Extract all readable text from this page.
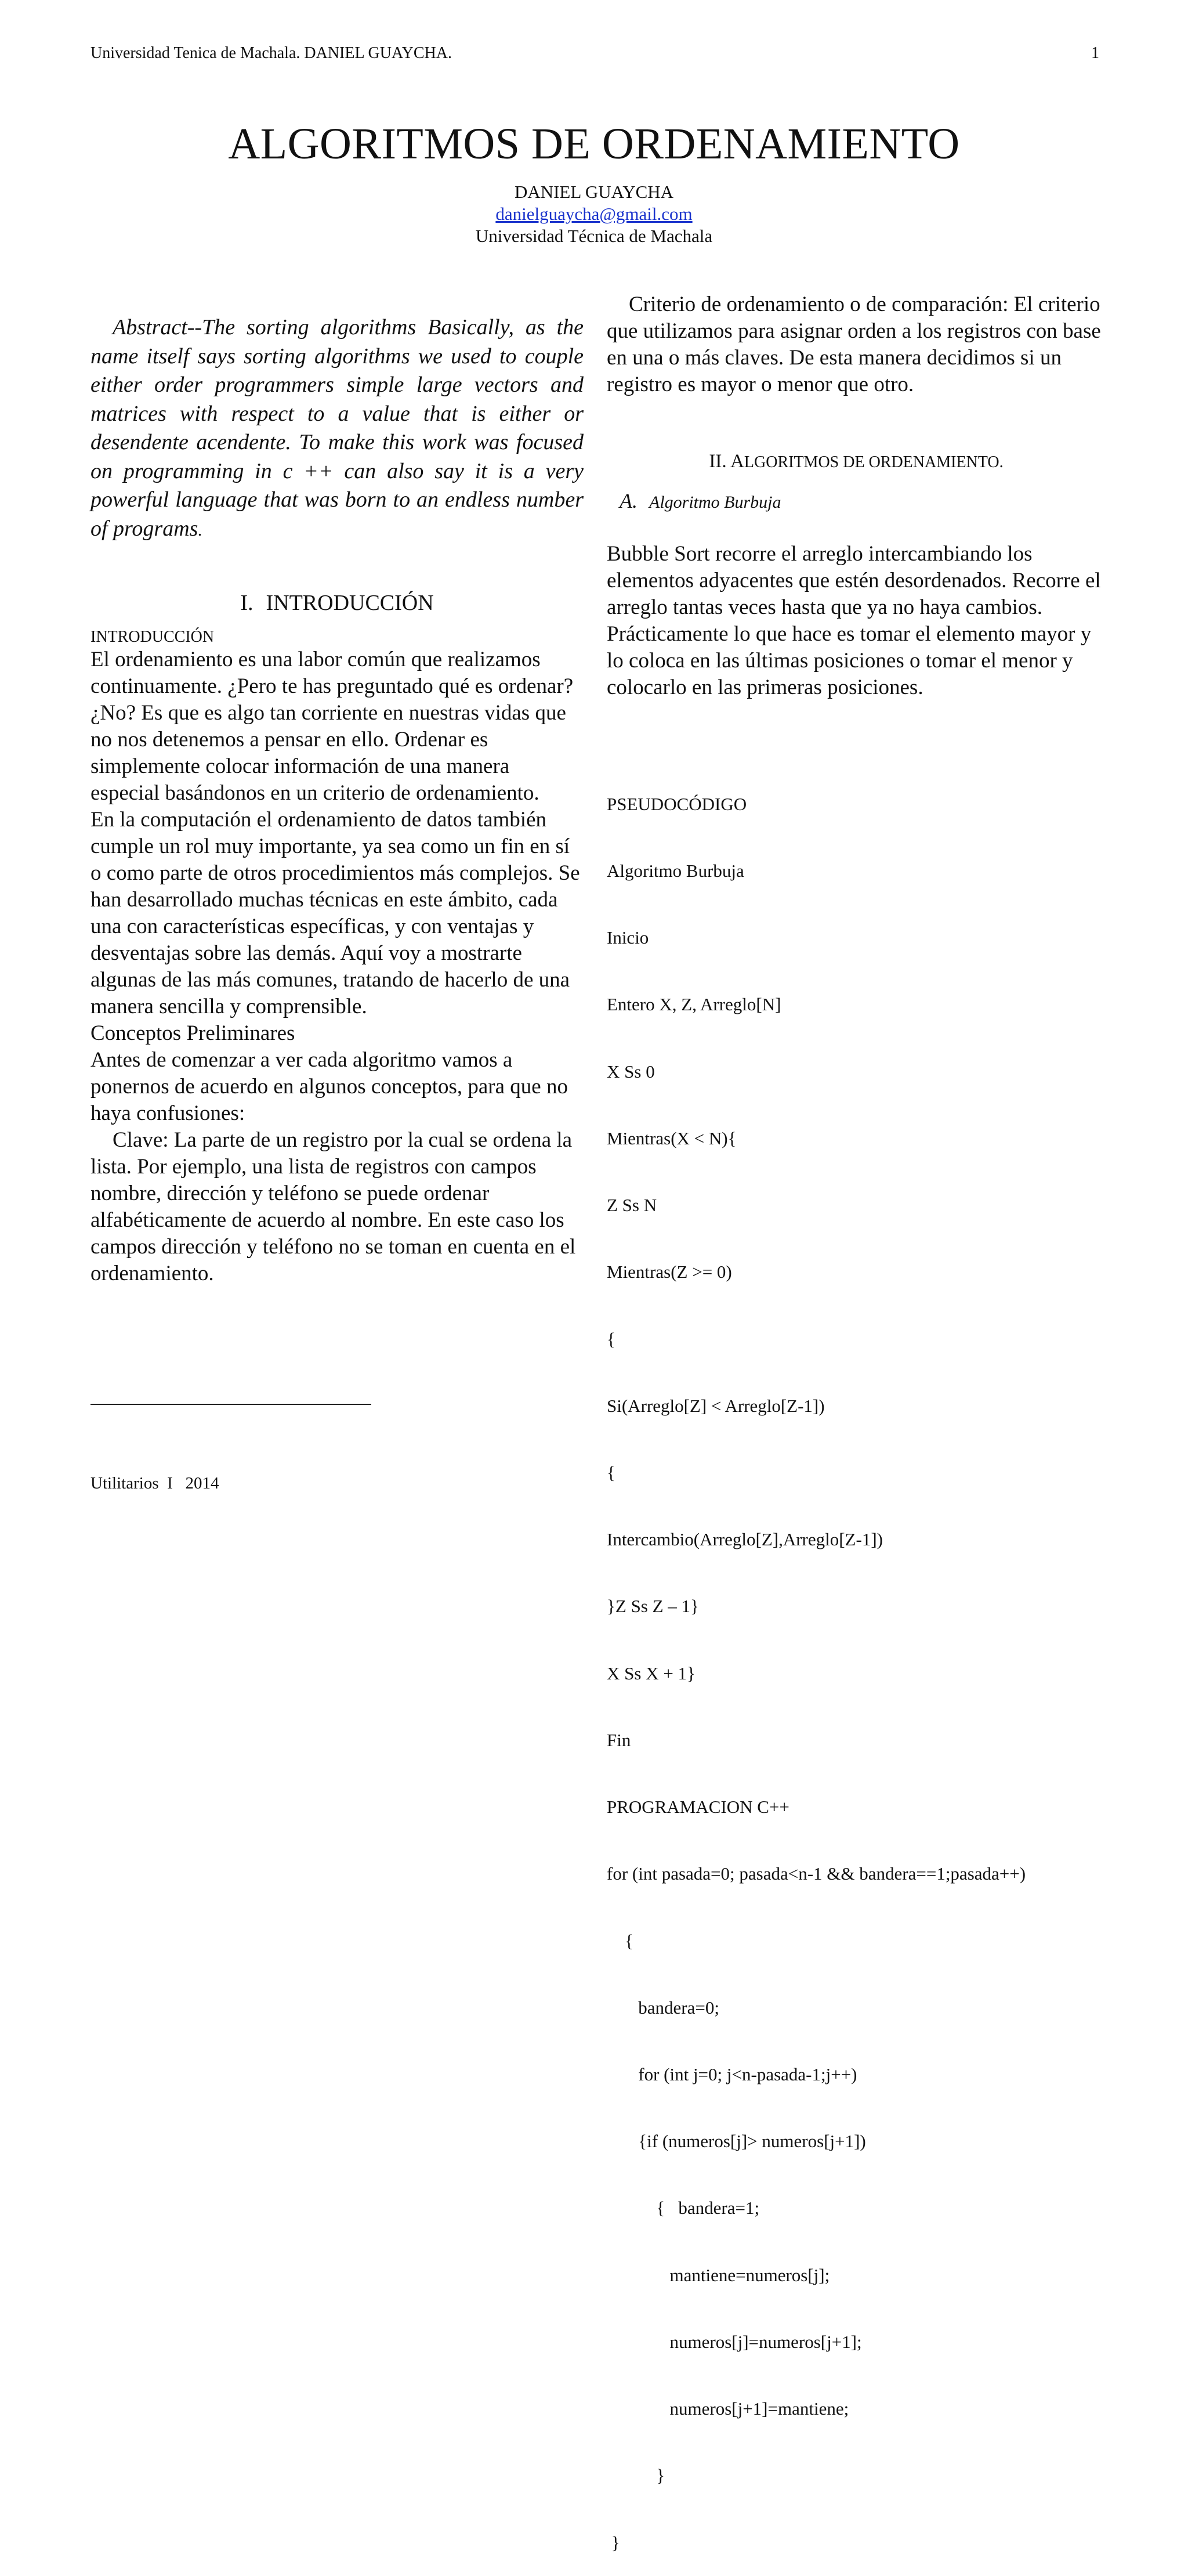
Universidad Tenica de Machala. DANIEL GUAYCHA.	1
ALGORITMOS DE ORDENAMIENTO
DANIEL GUAYCHA
danielguaycha@gmail.com
Universidad Técnica de Machala
Abstract--The sorting algorithms Basically, as the name itself says sorting algorithms we used to couple either order programmers simple large vectors and matrices with respect to a value that is either or desendente acendente. To make this work was focused on programming in c ++ can also say it is a very powerful language that was born to an endless number of programs.
I. INTRODUCCIÓN
INTRODUCCIÓN

El ordenamiento es una labor común que realizamos continuamente. ¿Pero te has preguntado qué es ordenar? ¿No? Es que es algo tan corriente en nuestras vidas que no nos detenemos a pensar en ello. Ordenar es simplemente colocar información de una manera especial basándonos en un criterio de ordenamiento.

En la computación el ordenamiento de datos también cumple un rol muy importante, ya sea como un fin en sí o como parte de otros procedimientos más complejos. Se han desarrollado muchas técnicas en este ámbito, cada una con características específicas, y con ventajas y desventajas sobre las demás. Aquí voy a mostrarte algunas de las más comunes, tratando de hacerlo de una manera sencilla y comprensible.

Conceptos Preliminares

Antes de comenzar a ver cada algoritmo vamos a ponernos de acuerdo en algunos conceptos, para que no haya confusiones:

Clave: La parte de un registro por la cual se ordena la lista. Por ejemplo, una lista de registros con campos nombre, dirección y teléfono se puede ordenar alfabéticamente de acuerdo al nombre. En este caso los campos dirección y teléfono no se toman en cuenta en el ordenamiento.

Criterio de ordenamiento o de comparación: El criterio que utilizamos para asignar orden a los registros con base en una o más claves. De esta manera decidimos si un registro es mayor o menor que otro.
II. ALGORITMOS DE ORDENAMIENTO.
A. Algoritmo Burbuja
Bubble Sort recorre el arreglo intercambiando los elementos adyacentes que estén desordenados. Recorre el arreglo tantas veces hasta que ya no haya cambios. Prácticamente lo que hace es tomar el elemento mayor y lo coloca en las últimas posiciones o tomar el menor y colocarlo en las primeras posiciones.

PSEUDOCÓDIGO

Algoritmo Burbuja

Inicio

Entero X, Z, Arreglo[N]

X Ss 0

Mientras(X < N){

Z Ss N

Mientras(Z >= 0)

{

Si(Arreglo[Z] < Arreglo[Z-1])

{

Intercambio(Arreglo[Z],Arreglo[Z-1])

}Z Ss Z – 1}

X Ss X + 1}

Fin

PROGRAMACION C++

for (int pasada=0; pasada<n-1 && bandera==1;pasada++)

{

bandera=0;

for (int j=0; j<n-pasada-1;j++)

{if (numeros[j]> numeros[j+1])

{   bandera=1;

mantiene=numeros[j];

numeros[j]=numeros[j+1];

numeros[j+1]=mantiene;

}

}

Utilitarios  I 2014
